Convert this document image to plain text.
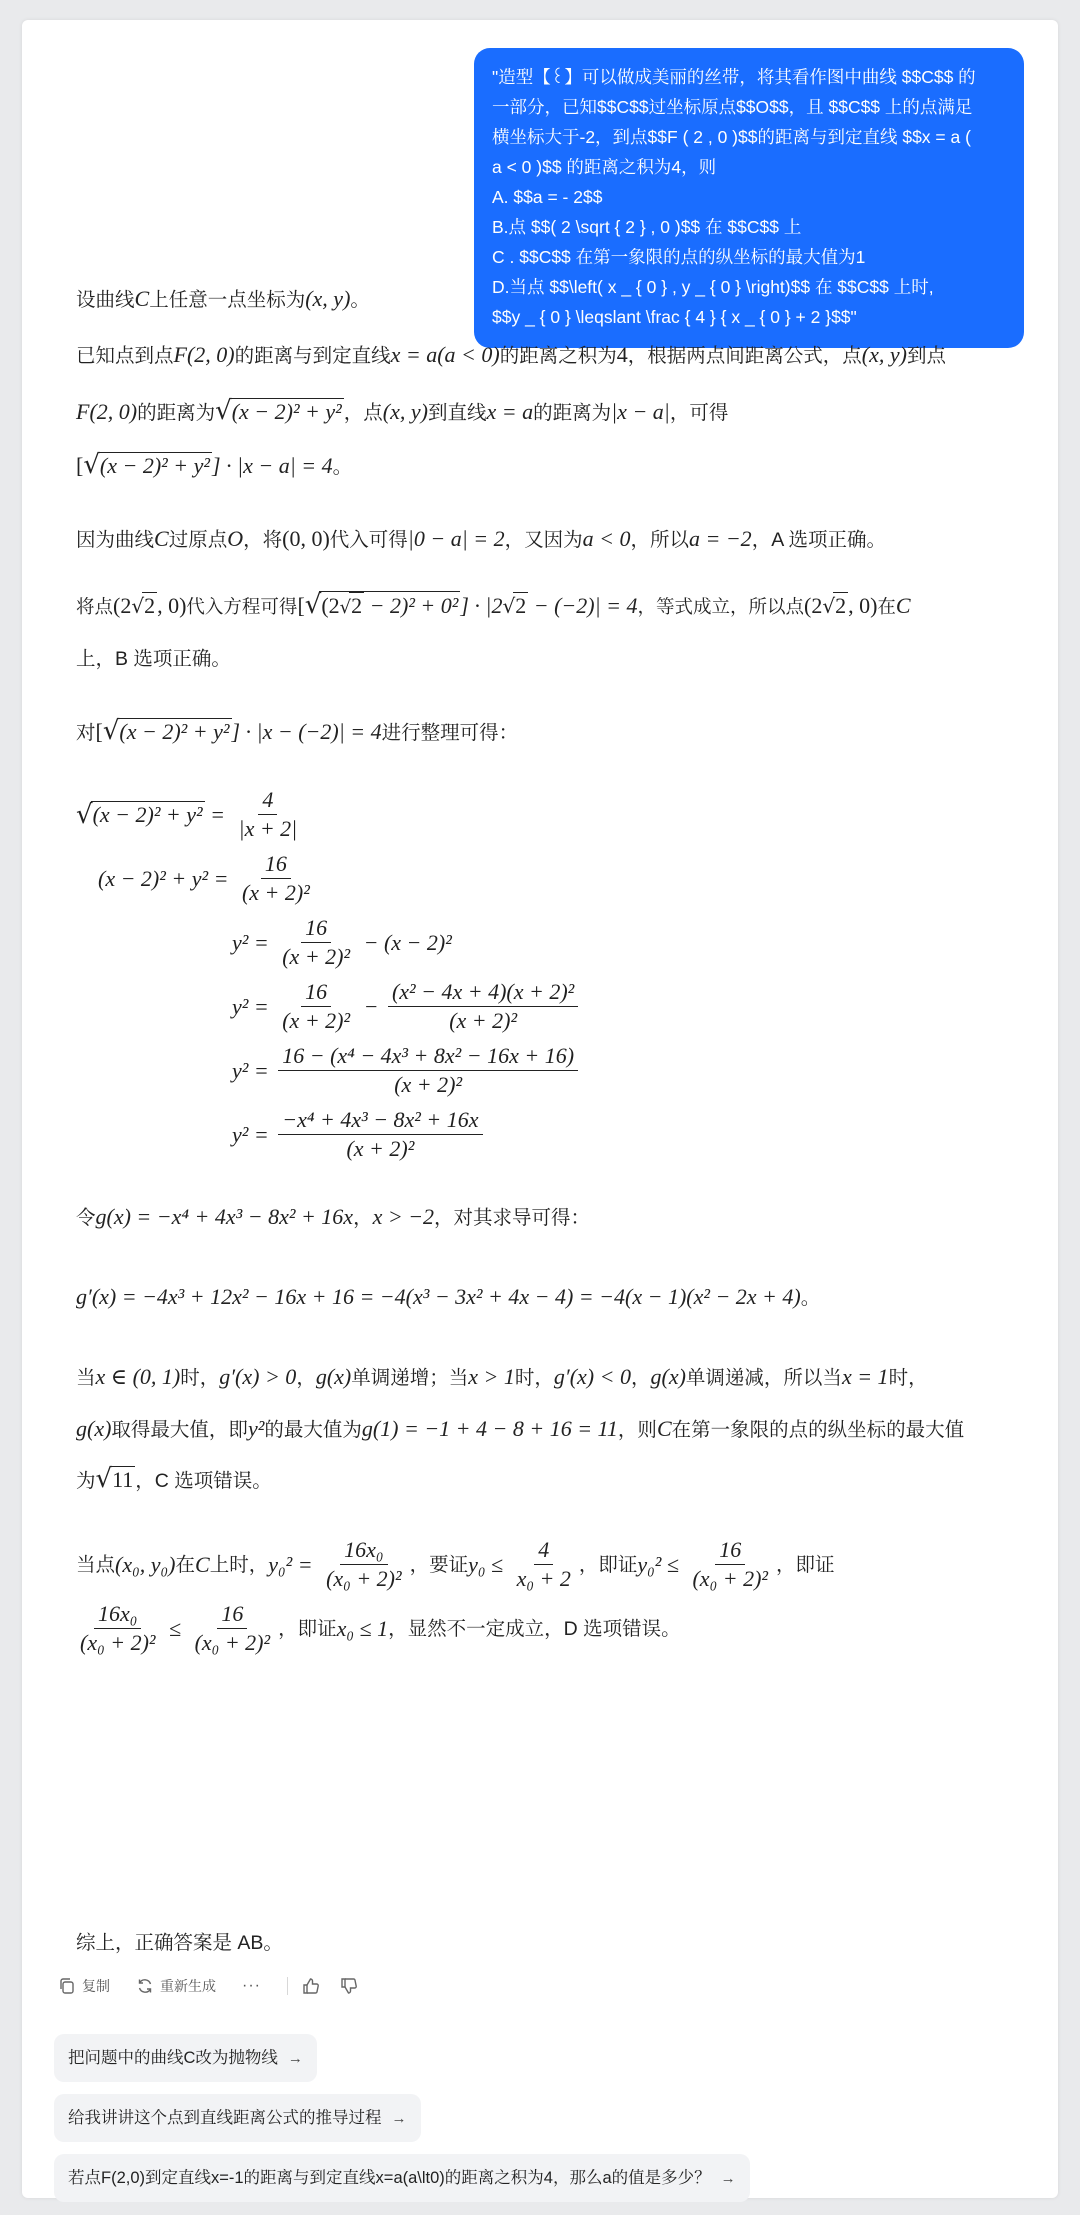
"造型【꒰】可以做成美丽的丝带，将其看作图中曲线 $$C$$ 的
一部分，已知$$C$$过坐标原点$$O$$，且 $$C$$ 上的点满足
横坐标大于-2，到点$$F ( 2 , 0 )$$的距离与到定直线 $$x = a (
a < 0 )$$ 的距离之积为4，则
A. $$a = - 2$$
B.点 $$( 2 \sqrt { 2 } , 0 )$$ 在 $$C$$ 上
C . $$C$$ 在第一象限的点的纵坐标的最大值为1
D.当点 $$\left( x _ { 0 } , y _ { 0 } \right)$$ 在 $$C$$ 上时,
$$y _ { 0 } \leqslant \frac { 4 } { x _ { 0 } + 2 }$$"
设曲线C上任意一点坐标为(x, y)。
已知点到点F(2, 0)的距离与到定直线x = a(a < 0)的距离之积为4，根据两点间距离公式，点(x, y)到点
F(2, 0)的距离为√(x − 2)² + y² ，点(x, y)到直线x = a的距离为|x − a|，可得
[√(x − 2)² + y²] · |x − a| = 4。
因为曲线C过原点O，将(0, 0)代入可得|0 − a| = 2，又因为a < 0，所以a = −2，A 选项正确。
将点(2√2, 0)代入方程可得[√(2√2 − 2)² + 0²] · |2√2 − (−2)| = 4，等式成立，所以点(2√2, 0)在C
上，B 选项正确。
对[√(x − 2)² + y²] · |x − (−2)| = 4进行整理可得：
√ $(x - 2)^2 + y^2 = \frac{4}{|x + 2|}$
$(x - 2)^2 + y^2 = \frac{16}{\text{(x + 2)²}}$
$y^2 = \frac{16}{\text{(x + 2)²}} - (x - 2)^2$
$y^2 = \frac{16}{\text{(x + 2)²}} - \frac{\text{(x² − 4x + 4)(x + 2)²}}{\text{(x + 2)²}}$
$y^2 = \frac{\text{16 − (x⁴ − 4x³ + 8x² − 16x + 16)}}{\text{(x + 2)²}}$
$y^2 = \frac{\text{−x⁴ + 4x³ − 8x² + 16x}}{\text{(x + 2)²}}$
令g(x) = −x⁴ + 4x³ − 8x² + 16x，x > −2，对其求导可得：
g′(x) = −4x³ + 12x² − 16x + 16 = −4(x³ − 3x² + 4x − 4) = −4(x − 1)(x² − 2x + 4)。
当x ∈ (0, 1)时，g′(x) > 0，g(x)单调递增；当x > 1时，g′(x) < 0，g(x)单调递减，所以当x = 1时，
g(x)取得最大值，即y²的最大值为g(1) = −1 + 4 − 8 + 16 = 11，则C在第一象限的点的纵坐标的最大值
为√11 ，C 选项错误。
当点 (x₀, y₀) 在 C 上时， $y_0^2 = \frac{\text{16x₀}}{\text{(x₀ + 2)²}}$ ，要证 $y_0 \le \frac{4}{\text{x₀ + 2}}$ ，即证 $y_0^2 \le \frac{16}{\text{(x₀ + 2)²}}$ ，即证
$\frac{\text{16x₀}}{\text{(x₀ + 2)²}} \le \frac{16}{\text{(x₀ + 2)²}}$ ，即证 x₀ ≤ 1 ，显然不一定成立，D 选项错误。
综上，正确答案是 AB。
复制	重新生成 ···
把问题中的曲线C改为抛物线 →
给我讲讲这个点到直线距离公式的推导过程 →
若点F(2,0)到定直线x=-1的距离与到定直线x=a(a\lt0)的距离之积为4，那么a的值是多少？ →
